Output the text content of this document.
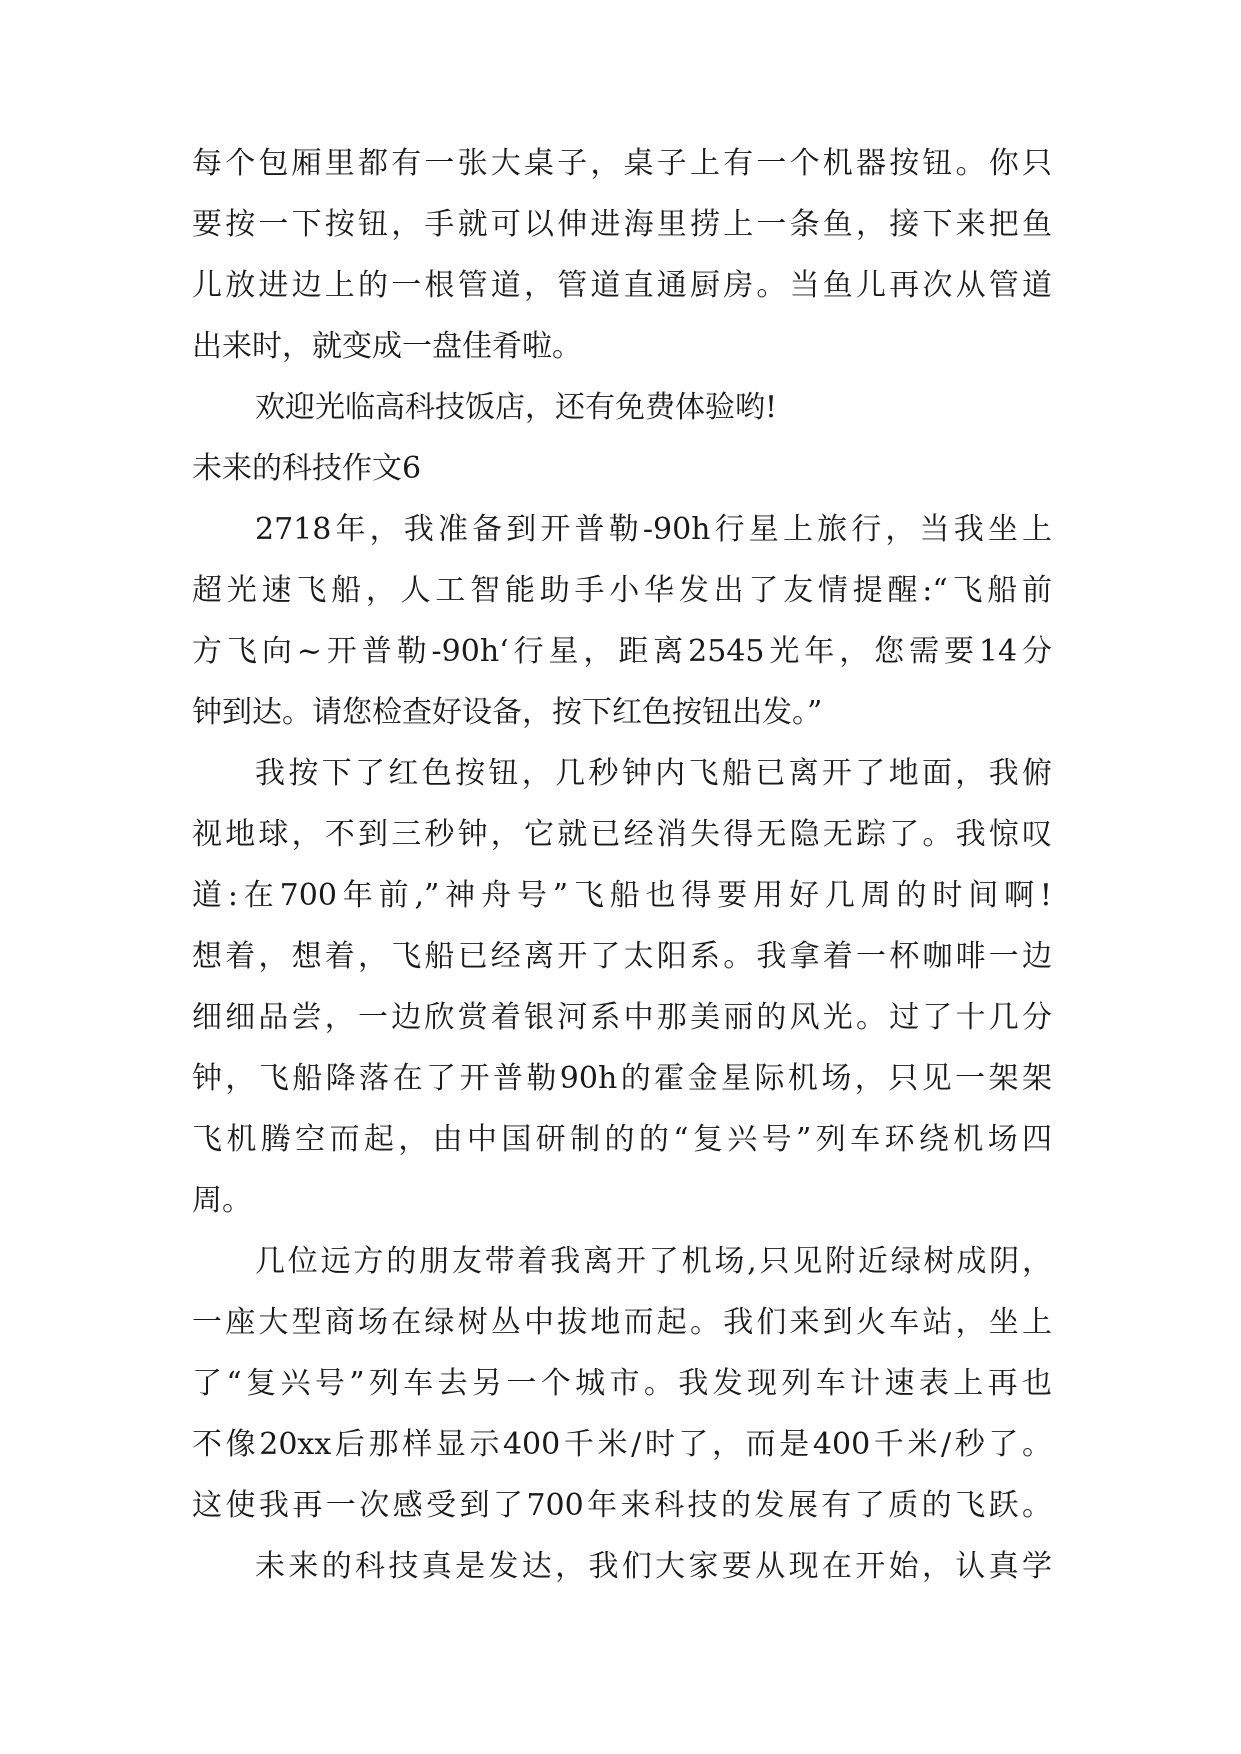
每个包厢里都有一张大桌子，桌子上有一个机器按钮。你只
要按一下按钮，手就可以伸进海里捞上一条鱼，接下来把鱼
儿放进边上的一根管道，管道直通厨房。当鱼儿再次从管道
出来时，就变成一盘佳肴啦。
欢迎光临高科技饭店，还有免费体验哟!
未来的科技作文6
2718年，我准备到开普勒-90h行星上旅行，当我坐上
超光速飞船，人工智能助手小华发出了友情提醒:“飞船前
方飞向~开普勒-90h‘行星，距离2545光年，您需要14分
钟到达。请您检查好设备，按下红色按钮出发。”
我按下了红色按钮，几秒钟内飞船已离开了地面，我俯
视地球，不到三秒钟，它就已经消失得无隐无踪了。我惊叹
道:在700年前,”神舟号”飞船也得要用好几周的时间啊!
想着，想着，飞船已经离开了太阳系。我拿着一杯咖啡一边
细细品尝，一边欣赏着银河系中那美丽的风光。过了十几分
钟，飞船降落在了开普勒90h的霍金星际机场，只见一架架
飞机腾空而起，由中国研制的的“复兴号”列车环绕机场四
周。
几位远方的朋友带着我离开了机场,只见附近绿树成阴，
一座大型商场在绿树丛中拔地而起。我们来到火车站，坐上
了“复兴号”列车去另一个城市。我发现列车计速表上再也
不像20xx后那样显示400千米/时了，而是400千米/秒了。
这使我再一次感受到了700年来科技的发展有了质的飞跃。
未来的科技真是发达，我们大家要从现在开始，认真学
